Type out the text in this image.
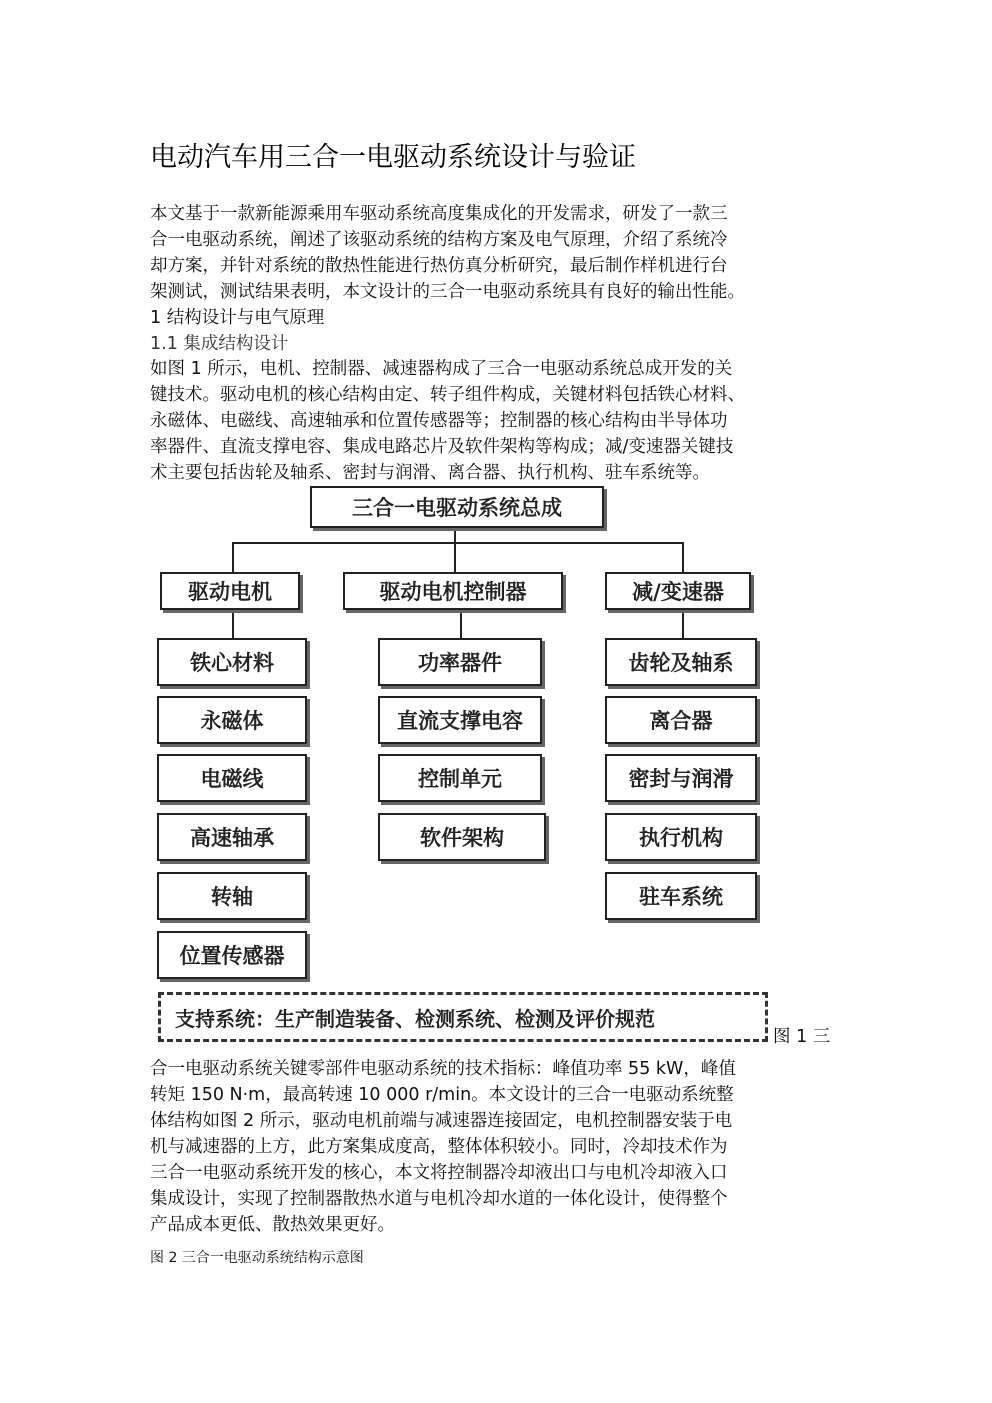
电动汽车用三合一电驱动系统设计与验证

本文基于一款新能源乘用车驱动系统高度集成化的开发需求，研发了一款三

合一电驱动系统，阐述了该驱动系统的结构方案及电气原理，介绍了系统冷

却方案，并针对系统的散热性能进行热仿真分析研究，最后制作样机进行台

架测试，测试结果表明，本文设计的三合一电驱动系统具有良好的输出性能。

1 结构设计与电气原理
1.1 集成结构设计

如图 1 所示，电机、控制器、减速器构成了三合一电驱动系统总成开发的关

键技术。驱动电机的核心结构由定、转子组件构成，关键材料包括铁心材料、

永磁体、电磁线、高速轴承和位置传感器等；控制器的核心结构由半导体功

率器件、直流支撑电容、集成电路芯片及软件架构等构成；减/变速器关键技

术主要包括齿轮及轴系、密封与润滑、离合器、执行机构、驻车系统等。

三合一电驱动系统总成
驱动电机	驱动电机控制器	减/变速器
铁心材料
永磁体
电磁线
高速轴承
转轴
位置传感器
功率器件
直流支撑电容
控制单元
软件架构
齿轮及轴系
离合器
密封与润滑
执行机构
驻车系统
支持系统：生产制造装备、检测系统、检测及评价规范
图 1 三

合一电驱动系统关键零部件电驱动系统的技术指标：峰值功率 55 kW，峰值

转矩 150 N·m，最高转速 10 000 r/min。本文设计的三合一电驱动系统整

体结构如图 2 所示，驱动电机前端与减速器连接固定，电机控制器安装于电

机与减速器的上方，此方案集成度高，整体体积较小。同时，冷却技术作为

三合一电驱动系统开发的核心，本文将控制器冷却液出口与电机冷却液入口

集成设计，实现了控制器散热水道与电机冷却水道的一体化设计，使得整个

产品成本更低、散热效果更好。

图 2 三合一电驱动系统结构示意图
